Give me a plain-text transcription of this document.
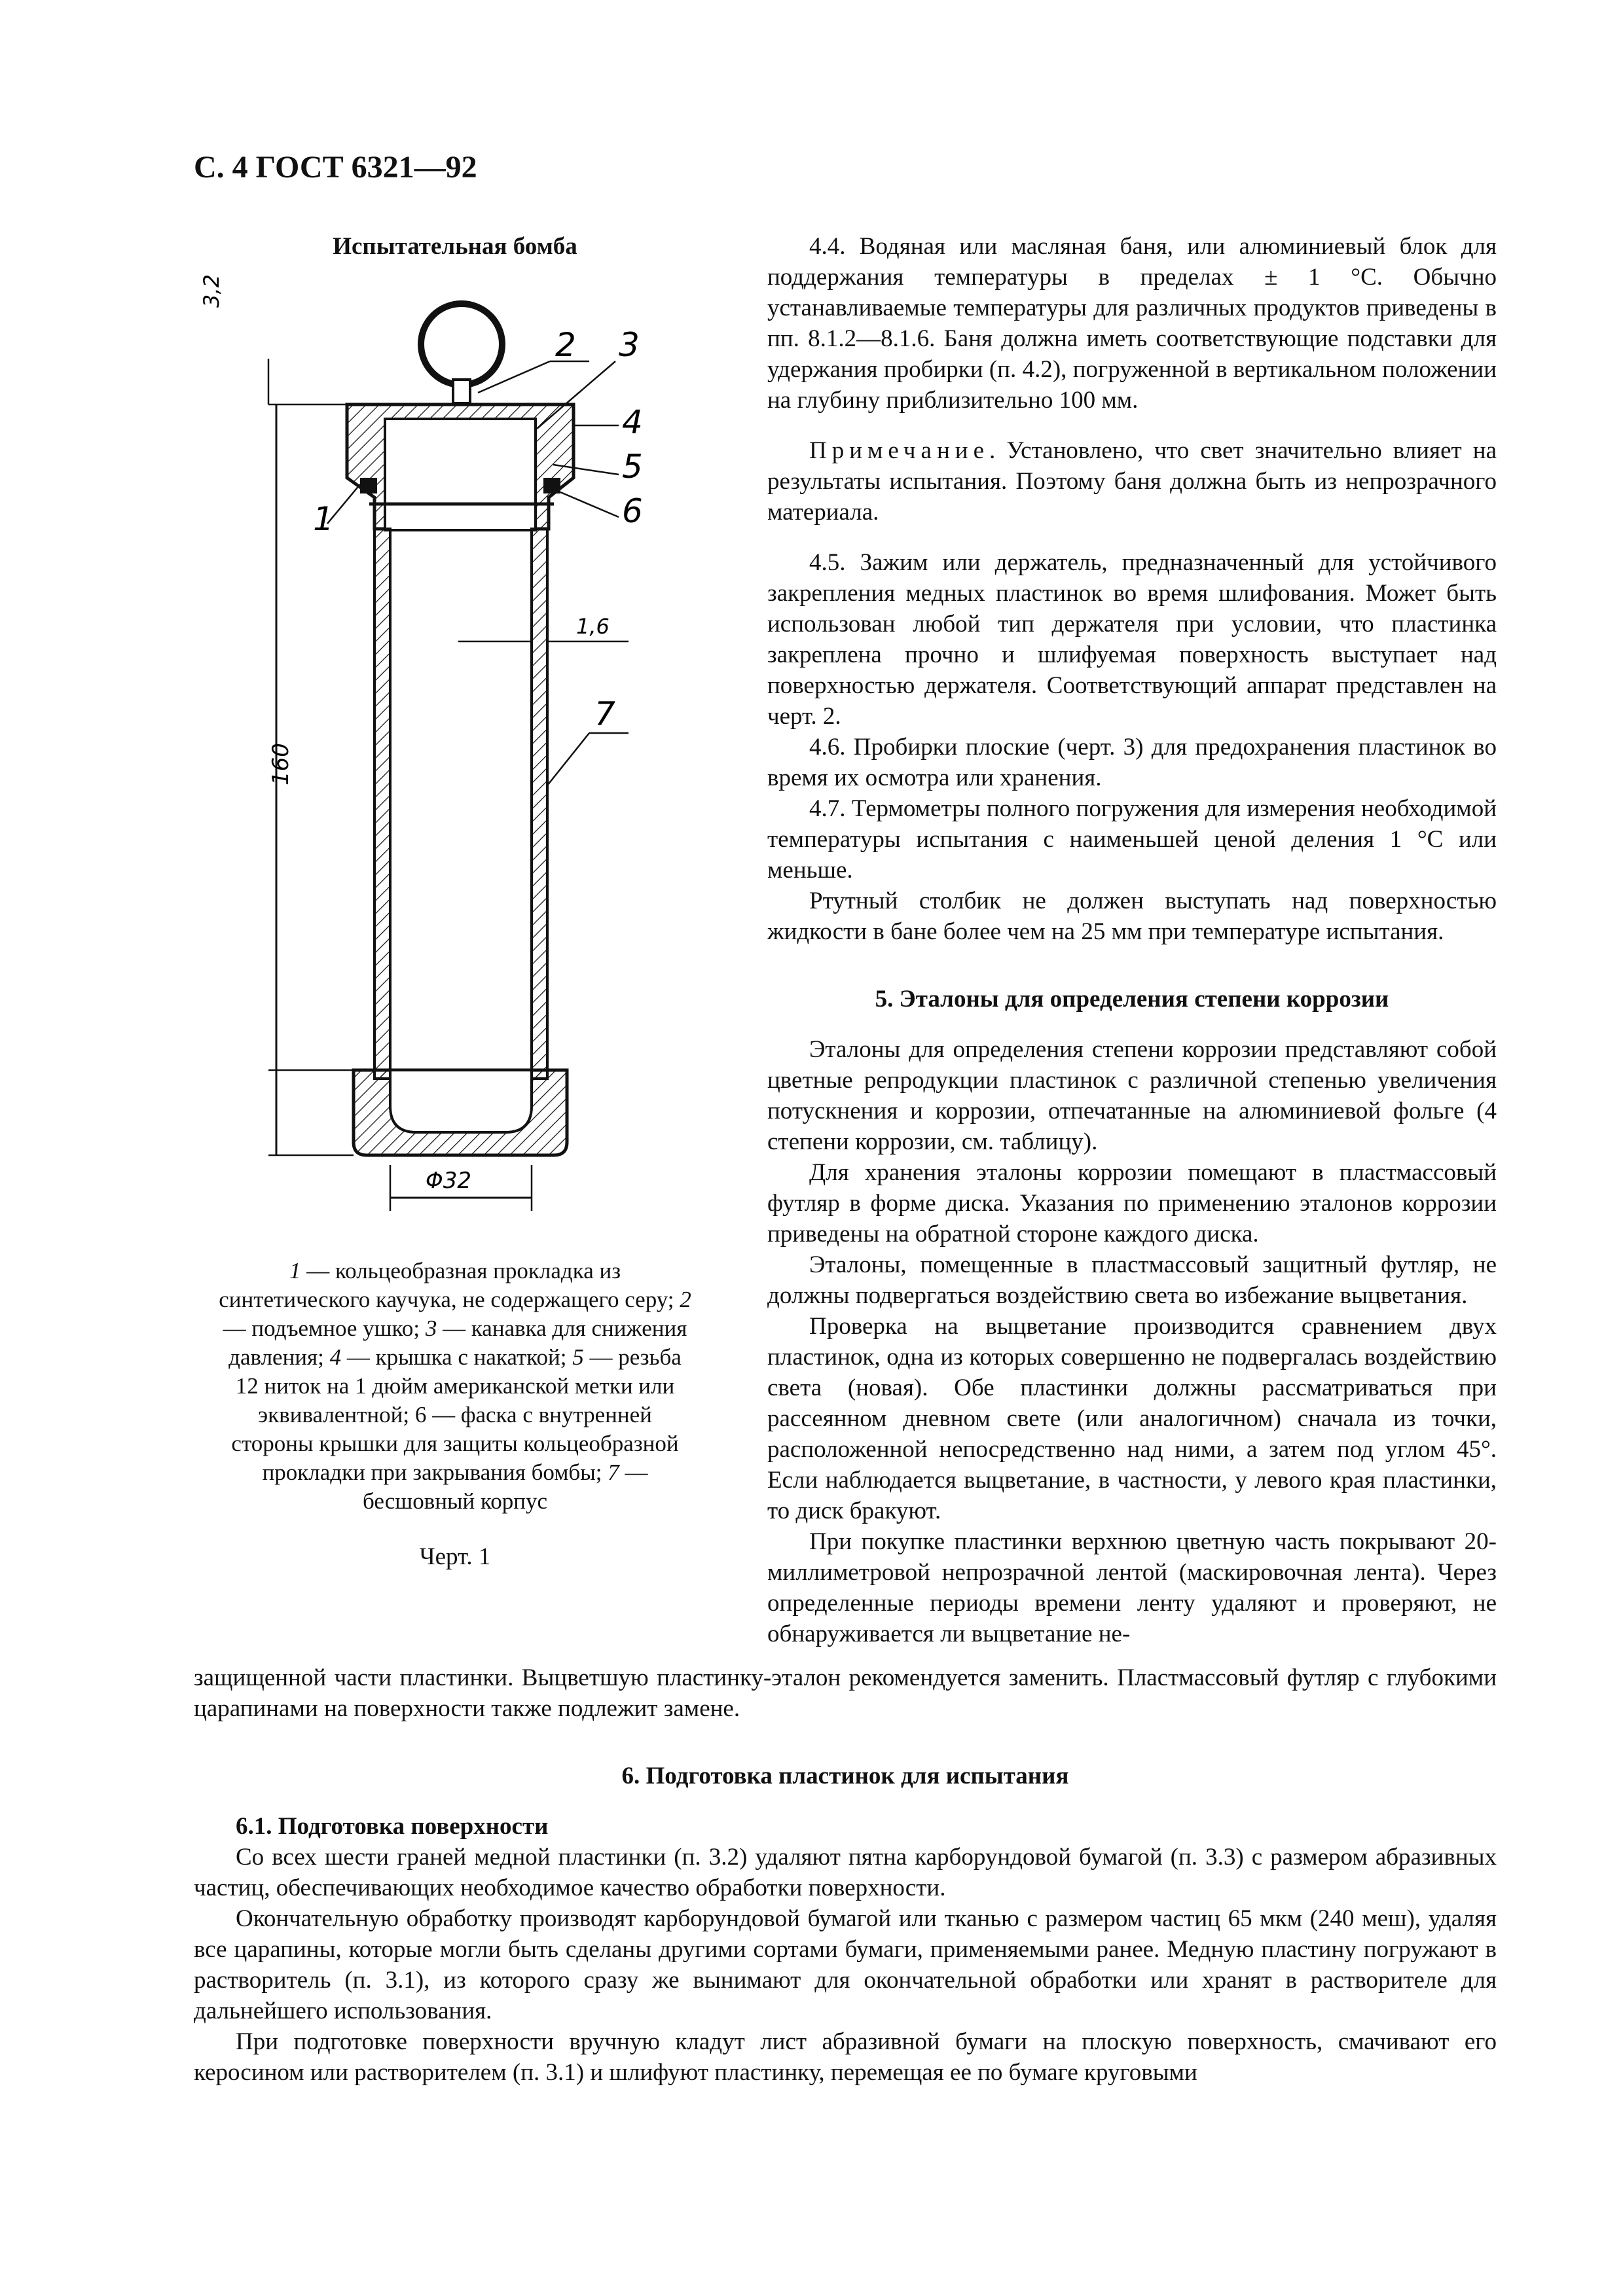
С. 4 ГОСТ 6321—92
Испытательная бомба
3,2
160
1,6
Φ32
2 3
4
5
6
1
7
1 — кольцеобразная прокладка из синтетического каучука, не содержащего серу; 2 — подъемное ушко; 3 — канавка для снижения давления; 4 — крышка с накаткой; 5 — резьба 12 ниток на 1 дюйм американской метки или эквивалентной; 6 — фаска с внутренней стороны крышки для защиты кольцеобразной прокладки при закрывания бомбы; 7 — бесшовный корпус
Черт. 1

4.4. Водяная или масляная баня, или алюминиевый блок для поддержания температуры в пределах ± 1 °С. Обычно устанавливаемые температуры для различных продуктов приведены в пп. 8.1.2—8.1.6. Баня должна иметь соответствующие подставки для удержания пробирки (п. 4.2), погруженной в вертикальном положении на глубину приблизительно 100 мм.

Примечание. Установлено, что свет значительно влияет на результаты испытания. Поэтому баня должна быть из непрозрачного материала.

4.5. Зажим или держатель, предназначенный для устойчивого закрепления медных пластинок во время шлифования. Может быть использован любой тип держателя при условии, что пластинка закреплена прочно и шлифуемая поверхность выступает над поверхностью держателя. Соответствующий аппарат представлен на черт. 2.

4.6. Пробирки плоские (черт. 3) для предохранения пластинок во время их осмотра или хранения.

4.7. Термометры полного погружения для измерения необходимой температуры испытания с наименьшей ценой деления 1 °С или меньше.

Ртутный столбик не должен выступать над поверхностью жидкости в бане более чем на 25 мм при температуре испытания.

5. Эталоны для определения степени коррозии

Эталоны для определения степени коррозии представляют собой цветные репродукции пластинок с различной степенью увеличения потускнения и коррозии, отпечатанные на алюминиевой фольге (4 степени коррозии, см. таблицу).

Для хранения эталоны коррозии помещают в пластмассовый футляр в форме диска. Указания по применению эталонов коррозии приведены на обратной стороне каждого диска.

Эталоны, помещенные в пластмассовый защитный футляр, не должны подвергаться воздействию света во избежание выцветания.

Проверка на выцветание производится сравнением двух пластинок, одна из которых совершенно не подвергалась воздействию света (новая). Обе пластинки должны рассматриваться при рассеянном дневном свете (или аналогичном) сначала из точки, расположенной непосредственно над ними, а затем под углом 45°. Если наблюдается выцветание, в частности, у левого края пластинки, то диск бракуют.

При покупке пластинки верхнюю цветную часть покрывают 20-миллиметровой непрозрачной лентой (маскировочная лента). Через определенные периоды времени ленту удаляют и проверяют, не обнаруживается ли выцветание не-

защищенной части пластинки. Выцветшую пластинку-эталон рекомендуется заменить. Пластмассовый футляр с глубокими царапинами на поверхности также подлежит замене.

6. Подготовка пластинок для испытания

6.1. Подготовка поверхности

Со всех шести граней медной пластинки (п. 3.2) удаляют пятна карборундовой бумагой (п. 3.3) с размером абразивных частиц, обеспечивающих необходимое качество обработки поверхности.

Окончательную обработку производят карборундовой бумагой или тканью с размером частиц 65 мкм (240 меш), удаляя все царапины, которые могли быть сделаны другими сортами бумаги, применяемыми ранее. Медную пластину погружают в растворитель (п. 3.1), из которого сразу же вынимают для окончательной обработки или хранят в растворителе для дальнейшего использования.

При подготовке поверхности вручную кладут лист абразивной бумаги на плоскую поверхность, смачивают его керосином или растворителем (п. 3.1) и шлифуют пластинку, перемещая ее по бумаге круговыми
